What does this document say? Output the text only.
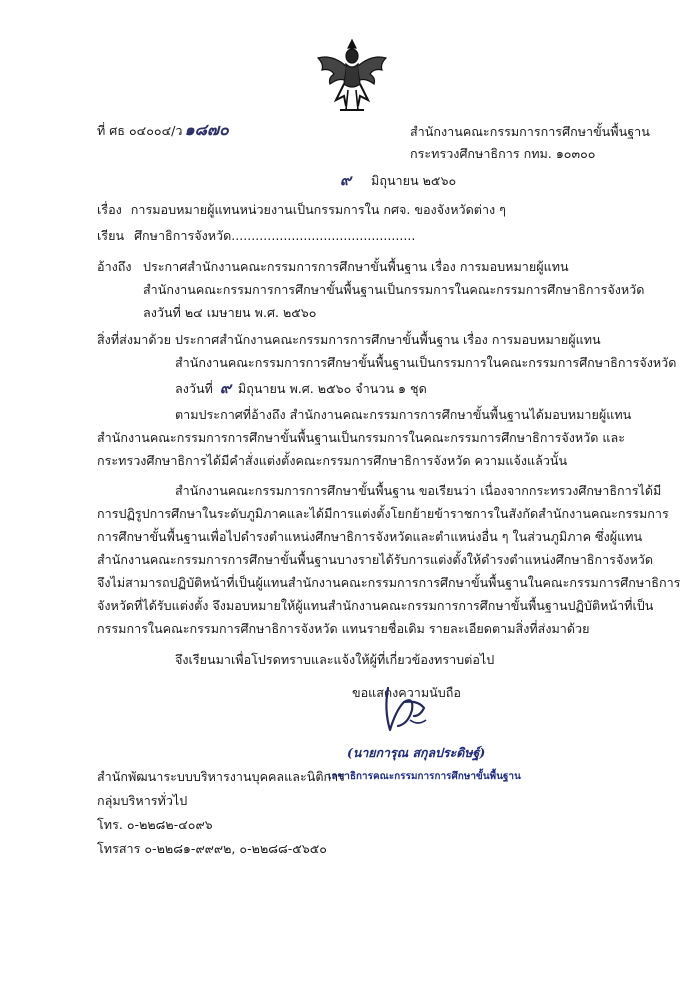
ที่ ศธ ๐๔๐๐๔/ว ๑๘๗๐	สำนักงานคณะกรรมการการศึกษาขั้นพื้นฐาน
กระทรวงศึกษาธิการ กทม. ๑๐๓๐๐
๙ มิถุนายน ๒๕๖๐
เรื่อง การมอบหมายผู้แทนหน่วยงานเป็นกรรมการใน กศจ. ของจังหวัดต่าง ๆ
เรียน ศึกษาธิการจังหวัด..............................................
อ้างถึง ประกาศสำนักงานคณะกรรมการการศึกษาขั้นพื้นฐาน เรื่อง การมอบหมายผู้แทน
สำนักงานคณะกรรมการการศึกษาขั้นพื้นฐานเป็นกรรมการในคณะกรรมการศึกษาธิการจังหวัด
ลงวันที่ ๒๔ เมษายน พ.ศ. ๒๕๖๐
สิ่งที่ส่งมาด้วย ประกาศสำนักงานคณะกรรมการการศึกษาขั้นพื้นฐาน เรื่อง การมอบหมายผู้แทน
สำนักงานคณะกรรมการการศึกษาขั้นพื้นฐานเป็นกรรมการในคณะกรรมการศึกษาธิการจังหวัด
ลงวันที่ ๙ มิถุนายน พ.ศ. ๒๕๖๐ จำนวน ๑ ชุด
ตามประกาศที่อ้างถึง สำนักงานคณะกรรมการการศึกษาขั้นพื้นฐานได้มอบหมายผู้แทน
สำนักงานคณะกรรมการการศึกษาขั้นพื้นฐานเป็นกรรมการในคณะกรรมการศึกษาธิการจังหวัด และ
กระทรวงศึกษาธิการได้มีคำสั่งแต่งตั้งคณะกรรมการศึกษาธิการจังหวัด ความแจ้งแล้วนั้น
สำนักงานคณะกรรมการการศึกษาขั้นพื้นฐาน ขอเรียนว่า เนื่องจากกระทรวงศึกษาธิการได้มี
การปฏิรูปการศึกษาในระดับภูมิภาคและได้มีการแต่งตั้งโยกย้ายข้าราชการในสังกัดสำนักงานคณะกรรมการ
การศึกษาขั้นพื้นฐานเพื่อไปดำรงตำแหน่งศึกษาธิการจังหวัดและตำแหน่งอื่น ๆ ในส่วนภูมิภาค ซึ่งผู้แทน
สำนักงานคณะกรรมการการศึกษาขั้นพื้นฐานบางรายได้รับการแต่งตั้งให้ดำรงตำแหน่งศึกษาธิการจังหวัด
จึงไม่สามารถปฏิบัติหน้าที่เป็นผู้แทนสำนักงานคณะกรรมการการศึกษาขั้นพื้นฐานในคณะกรรมการศึกษาธิการ
จังหวัดที่ได้รับแต่งตั้ง จึงมอบหมายให้ผู้แทนสำนักงานคณะกรรมการการศึกษาขั้นพื้นฐานปฏิบัติหน้าที่เป็น
กรรมการในคณะกรรมการศึกษาธิการจังหวัด แทนรายชื่อเดิม รายละเอียดตามสิ่งที่ส่งมาด้วย
จึงเรียนมาเพื่อโปรดทราบและแจ้งให้ผู้ที่เกี่ยวข้องทราบต่อไป
ขอแสดงความนับถือ
(นายการุณ สกุลประดิษฐ์)
เลขาธิการคณะกรรมการการศึกษาขั้นพื้นฐาน
สำนักพัฒนาระบบบริหารงานบุคคลและนิติการ
กลุ่มบริหารทั่วไป
โทร. ๐-๒๒๘๒-๔๐๙๖
โทรสาร ๐-๒๒๘๑-๙๙๙๒, ๐-๒๒๘๘-๕๖๕๐
